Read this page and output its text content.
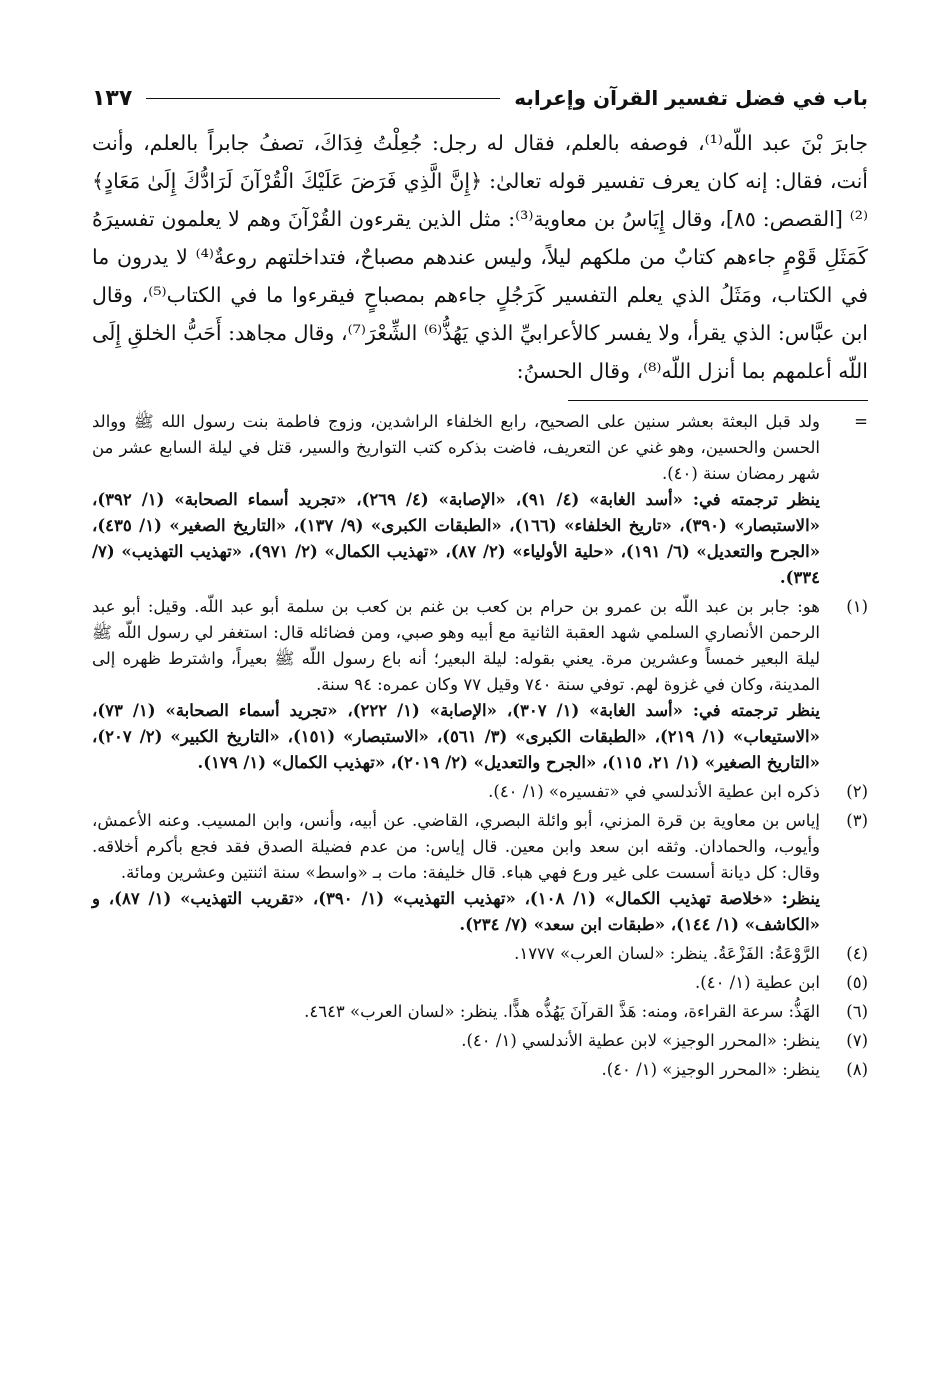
باب في فضل تفسير القرآن وإعرابه
١٣٧

جابرَ بْنَ عبد اللّه⁽¹⁾، فوصفه بالعلم، فقال له رجل: جُعِلْتُ فِدَاكَ، تصفُ جابراً بالعلم، وأنت أنت، فقال: إنه كان يعرف تفسير قوله تعالىٰ: ﴿إِنَّ الَّذِي فَرَضَ عَلَيْكَ الْقُرْآنَ لَرَادُّكَ إِلَىٰ مَعَادٍ﴾⁽²⁾ [القصص: ٨٥]، وقال إِيَاسُ بن معاوية⁽³⁾: مثل الذين يقرءون القُرْآنَ وهم لا يعلمون تفسيرَهُ كَمَثَلِ قَوْمٍ جاءهم كتابٌ من ملكهم ليلاً، وليس عندهم مصباحٌ، فتداخلتهم روعةٌ⁽⁴⁾ لا يدرون ما في الكتاب، ومَثَلُ الذي يعلم التفسير كَرَجُلٍ جاءهم بمصباحٍ فيقرءوا ما في الكتاب⁽⁵⁾، وقال ابن عبَّاس: الذي يقرأ، ولا يفسر كالأعرابيِّ الذي يَهُذُّ⁽⁶⁾ الشِّعْرَ⁽⁷⁾، وقال مجاهد: أَحَبُّ الخلقِ إِلَى اللّه أعلمهم بما أنزل اللّه⁽⁸⁾، وقال الحسنُ:

=

ولد قبل البعثة بعشر سنين على الصحيح، رابع الخلفاء الراشدين، وزوج فاطمة بنت رسول الله ﷺ ووالد الحسن والحسين، وهو غني عن التعريف، فاضت بذكره كتب التواريخ والسير، قتل في ليلة السابع عشر من شهر رمضان سنة (٤٠).

ينظر ترجمته في: «أسد الغابة» (٤/ ٩١)، «الإصابة» (٤/ ٢٦٩)، «تجريد أسماء الصحابة» (١/ ٣٩٢)، «الاستبصار» (٣٩٠)، «تاريخ الخلفاء» (١٦٦)، «الطبقات الكبرى» (٩/ ١٣٧)، «التاريخ الصغير» (١/ ٤٣٥)، «الجرح والتعديل» (٦/ ١٩١)، «حلية الأولياء» (٢/ ٨٧)، «تهذيب الكمال» (٢/ ٩٧١)، «تهذيب التهذيب» (٧/ ٣٣٤).

(١)

هو: جابر بن عبد اللّه بن عمرو بن حرام بن كعب بن غنم بن كعب بن سلمة أبو عبد اللّه. وقيل: أبو عبد الرحمن الأنصاري السلمي شهد العقبة الثانية مع أبيه وهو صبي، ومن فضائله قال: استغفر لي رسول اللّه ﷺ ليلة البعير خمساً وعشرين مرة. يعني بقوله: ليلة البعير؛ أنه باع رسول اللّه ﷺ بعيراً، واشترط ظهره إلى المدينة، وكان في غزوة لهم. توفي سنة ٧٤٠ وقيل ٧٧ وكان عمره: ٩٤ سنة.

ينظر ترجمته في: «أسد الغابة» (١/ ٣٠٧)، «الإصابة» (١/ ٢٢٢)، «تجريد أسماء الصحابة» (١/ ٧٣)، «الاستيعاب» (١/ ٢١٩)، «الطبقات الكبرى» (٣/ ٥٦١)، «الاستبصار» (١٥١)، «التاريخ الكبير» (٢/ ٢٠٧)، «التاريخ الصغير» (١/ ٢١، ١١٥)، «الجرح والتعديل» (٢/ ٢٠١٩)، «تهذيب الكمال» (١/ ١٧٩).

(٢)

ذكره ابن عطية الأندلسي في «تفسيره» (١/ ٤٠).

(٣)

إياس بن معاوية بن قرة المزني، أبو وائلة البصري، القاضي. عن أبيه، وأنس، وابن المسيب. وعنه الأعمش، وأيوب، والحمادان. وثقه ابن سعد وابن معين. قال إياس: من عدم فضيلة الصدق فقد فجع بأكرم أخلاقه. وقال: كل ديانة أسست على غير ورع فهي هباء. قال خليفة: مات بـ «واسط» سنة اثنتين وعشرين ومائة.

ينظر: «خلاصة تهذيب الكمال» (١/ ١٠٨)، «تهذيب التهذيب» (١/ ٣٩٠)، «تقريب التهذيب» (١/ ٨٧)، و «الكاشف» (١/ ١٤٤)، «طبقات ابن سعد» (٧/ ٢٣٤).

(٤)

الرَّوْعَةُ: الفَزْعَةُ. ينظر: «لسان العرب» ١٧٧٧.

(٥)

ابن عطية (١/ ٤٠).

(٦)

الهَذُّ: سرعة القراءة، ومنه: هَذَّ القرآنَ يَهُذُّه هذًّا. ينظر: «لسان العرب» ٤٦٤٣.

(٧)

ينظر: «المحرر الوجيز» لابن عطية الأندلسي (١/ ٤٠).

(٨)

ينظر: «المحرر الوجيز» (١/ ٤٠).
